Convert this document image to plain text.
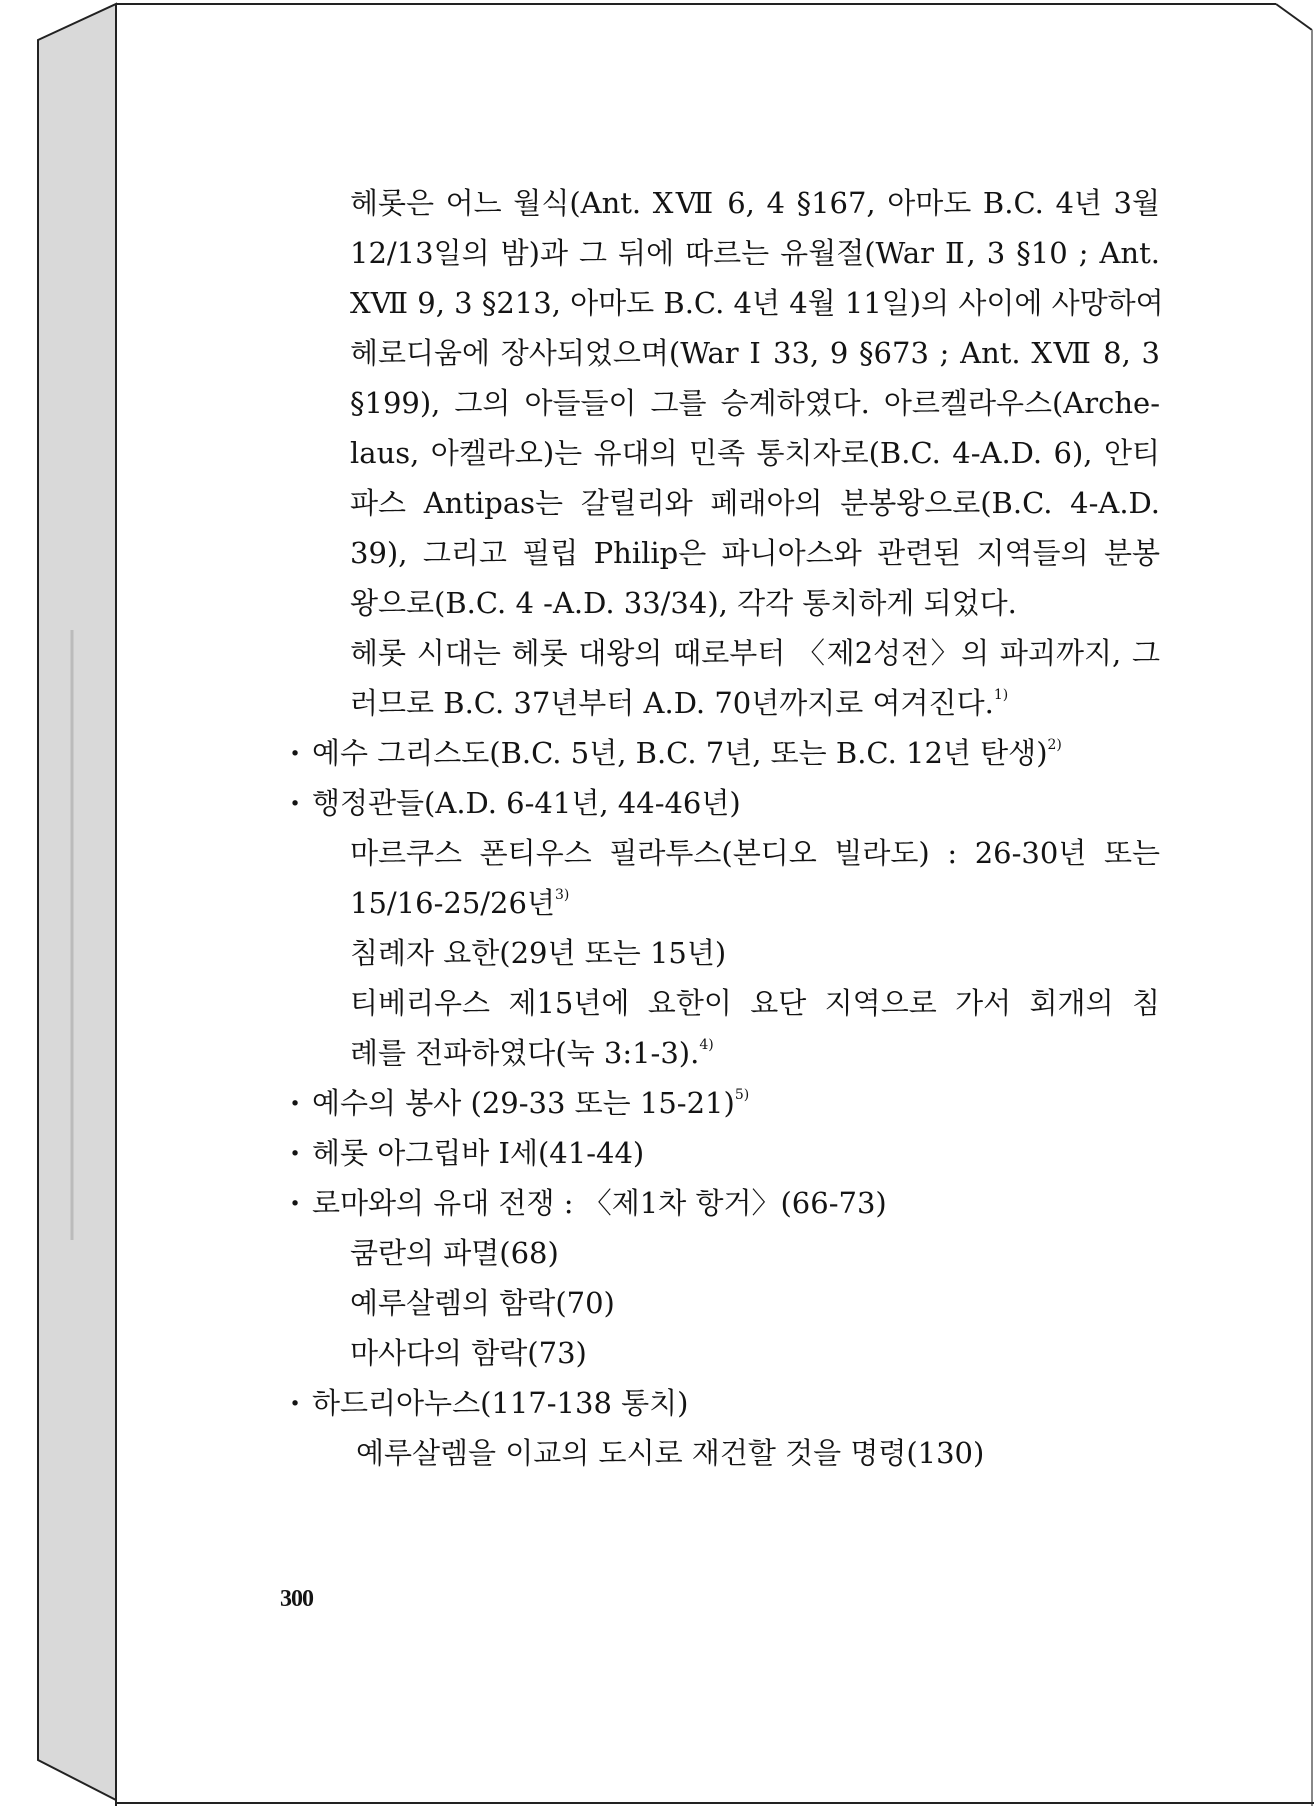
헤롯은 어느 월식(Ant. XⅦ 6, 4 §167, 아마도 B.C. 4년 3월

12/13일의 밤)과 그 뒤에 따르는 유월절(War Ⅱ, 3 §10 ; Ant.

XⅦ 9, 3 §213, 아마도 B.C. 4년 4월 11일)의 사이에 사망하여

헤로디움에 장사되었으며(War Ⅰ 33, 9 §673 ; Ant. XⅦ 8, 3

§199), 그의 아들들이 그를 승계하였다. 아르켈라우스(Arche-

laus, 아켈라오)는 유대의 민족 통치자로(B.C. 4-A.D. 6), 안티

파스 Antipas는 갈릴리와 페래아의 분봉왕으로(B.C. 4-A.D.

39), 그리고 필립 Philip은 파니아스와 관련된 지역들의 분봉

왕으로(B.C. 4 -A.D. 33/34), 각각 통치하게 되었다.

헤롯 시대는 헤롯 대왕의 때로부터 〈제2성전〉의 파괴까지, 그

러므로 B.C. 37년부터 A.D. 70년까지로 여겨진다.$^{1)}$

· 예수 그리스도(B.C. 5년, B.C. 7년, 또는 B.C. 12년 탄생)$^{2)}$

· 행정관들(A.D. 6-41년, 44-46년)

마르쿠스 폰티우스 필라투스(본디오 빌라도) : 26-30년 또는

15/16-25/26년$^{3)}$

침례자 요한(29년 또는 15년)

티베리우스 제15년에 요한이 요단 지역으로 가서 회개의 침

례를 전파하였다(눅 3:1-3).$^{4)}$

· 예수의 봉사 (29-33 또는 15-21)$^{5)}$

· 헤롯 아그립바 Ⅰ세(41-44)

· 로마와의 유대 전쟁 : 〈제1차 항거〉(66-73)

쿰란의 파멸(68)

예루살렘의 함락(70)

마사다의 함락(73)

· 하드리아누스(117-138 통치)

예루살렘을 이교의 도시로 재건할 것을 명령(130)

300
